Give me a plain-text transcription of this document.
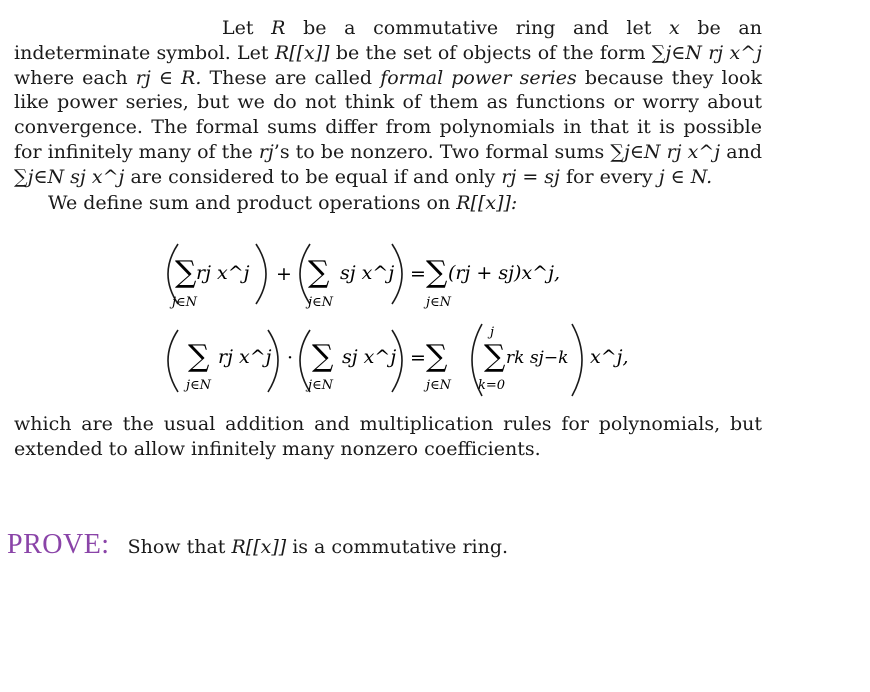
Let R be a commutative ring and let x be an indeterminate symbol. Let R[[x]] be the set of objects of the form ∑j∈N rj x^j where each rj ∈ R. These are called formal power series because they look like power series, but we do not think of them as functions or worry about convergence. The formal sums differ from polynomials in that it is possible for infinitely many of the rj’s to be nonzero. Two formal sums ∑j∈N rj x^j and ∑j∈N sj x^j are considered to be equal if and only rj = sj for every j ∈ N.
We define sum and product operations on R[[x]]:
∑ rj x^j
j∈N
+ ∑ sj x^j
j∈N
= ∑ (rj + sj)x^j,
j∈N
∑ rj x^j
j∈N
· ∑ sj x^j
j∈N
= ∑
j∈N
∑
j
k=0
rk sj−k x^j,
which are the usual addition and multiplication rules for polynomials, but extended to allow infinitely many nonzero coefficients.
PROVE: Show that R[[x]] is a commutative ring.
